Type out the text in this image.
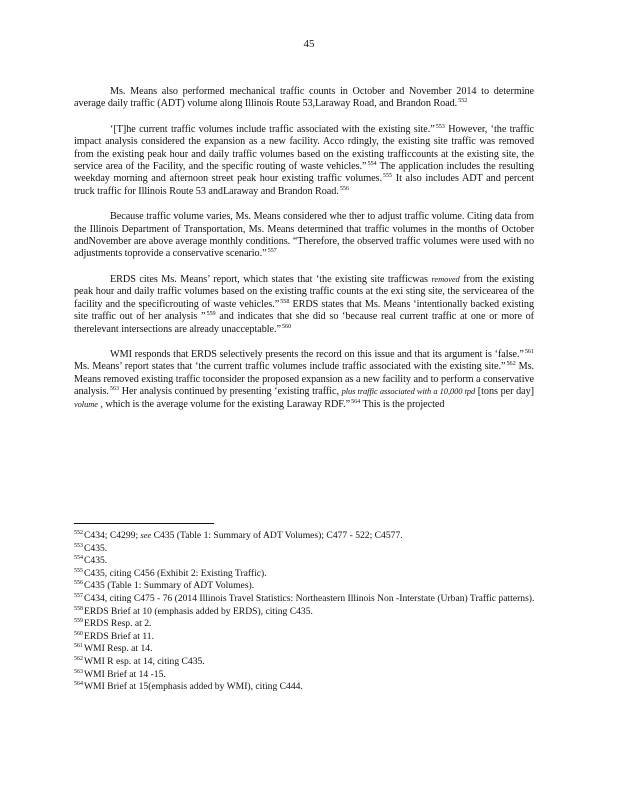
45

Ms. Means also performed mechanical traffic counts in October and November 2014 to determine average daily traffic (ADT) volume along Illinois Route 53,Laraway Road, and Brandon Road.$^{552}$

‘[T]he current traffic volumes include traffic associated with the existing site.”$^{553}$ However, ‘the traffic impact analysis considered the expansion as a new facility. Acco rdingly, the existing site traffic was removed from the existing peak hour and daily traffic volumes based on the existing trafficcounts at the existing site, the service area of the Facility, and the specific routing of waste vehicles.”$^{554}$ The application includes the resulting weekday morning and afternoon street peak hour existing traffic volumes.$^{555}$ It also includes ADT and percent truck traffic for Illinois Route 53 andLaraway and Brandon Road.$^{556}$

Because traffic volume varies, Ms. Means considered whe ther to adjust traffic volume. Citing data from the Illinois Department of Transportation, Ms. Means determined that traffic volumes in the months of October andNovember are above average monthly conditions. “Therefore, the observed traffic volumes were used with no adjustments toprovide a conservative scenario.”$^{557}$

ERDS cites Ms. Means’ report, which states that ‘the existing site trafficwas removed from the existing peak hour and daily traffic volumes based on the existing traffic counts at the exi sting site, the servicearea of the facility and the specificrouting of waste vehicles.”$^{558}$ ERDS states that Ms. Means ‘intentionally backed existing site traffic out of her analysis ”$^{559}$ and indicates that she did so ‘because real current traffic at one or more of therelevant intersections are already unacceptable.”$^{560}$

WMI responds that ERDS selectively presents the record on this issue and that its argument is ‘false.”$^{561}$ Ms. Means’ report states that ‘the current traffic volumes include traffic associated with the existing site.”$^{562}$ Ms. Means removed existing traffic toconsider the proposed expansion as a new facility and to perform a conservative analysis.$^{563}$ Her analysis continued by presenting ‘existing traffic, plus traffic associated with a 10,000 tpd [tons per day] volume , which is the average volume for the existing Laraway RDF.”$^{564}$ This is the projected

$^{552}$C434; C4299; see C435 (Table 1: Summary of ADT Volumes); C477 - 522; C4577.
$^{553}$C435.
$^{554}$C435.
$^{555}$C435, citing C456 (Exhibit 2: Existing Traffic).
$^{556}$C435 (Table 1: Summary of ADT Volumes).
$^{557}$C434, citing C475 - 76 (2014 Illinois Travel Statistics: Northeastern Illinois Non -Interstate (Urban) Traffic patterns).
$^{558}$ERDS Brief at 10 (emphasis added by ERDS), citing C435.
$^{559}$ERDS Resp. at 2.
$^{560}$ERDS Brief at 11.
$^{561}$WMI Resp. at 14.
$^{562}$WMI R esp. at 14, citing C435.
$^{563}$WMI Brief at 14 -15.
$^{564}$WMI Brief at 15(emphasis added by WMI), citing C444.
